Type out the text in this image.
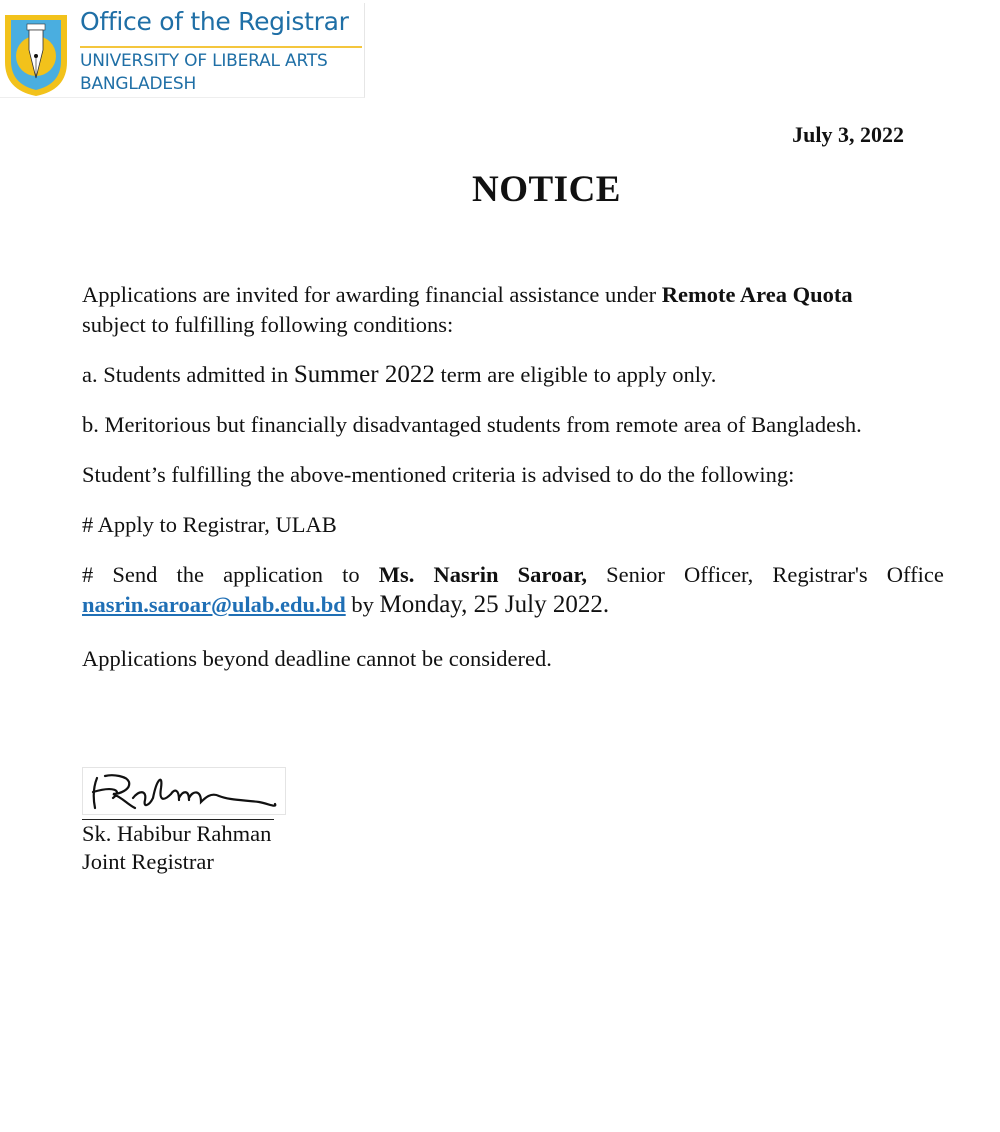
Office of the Registrar
UNIVERSITY OF LIBERAL ARTS
BANGLADESH
July 3, 2022
NOTICE

Applications are invited for awarding financial assistance under Remote Area Quota
subject to fulfilling following conditions:

a. Students admitted in Summer 2022 term are eligible to apply only.

b. Meritorious but financially disadvantaged students from remote area of Bangladesh.

Student’s fulfilling the above-mentioned criteria is advised to do the following:

# Apply to Registrar, ULAB

# Send the application to Ms. Nasrin Saroar, Senior Officer, Registrar's Office
nasrin.saroar@ulab.edu.bd by Monday, 25 July 2022.

Applications beyond deadline cannot be considered.

Sk. Habibur Rahman
Joint Registrar
